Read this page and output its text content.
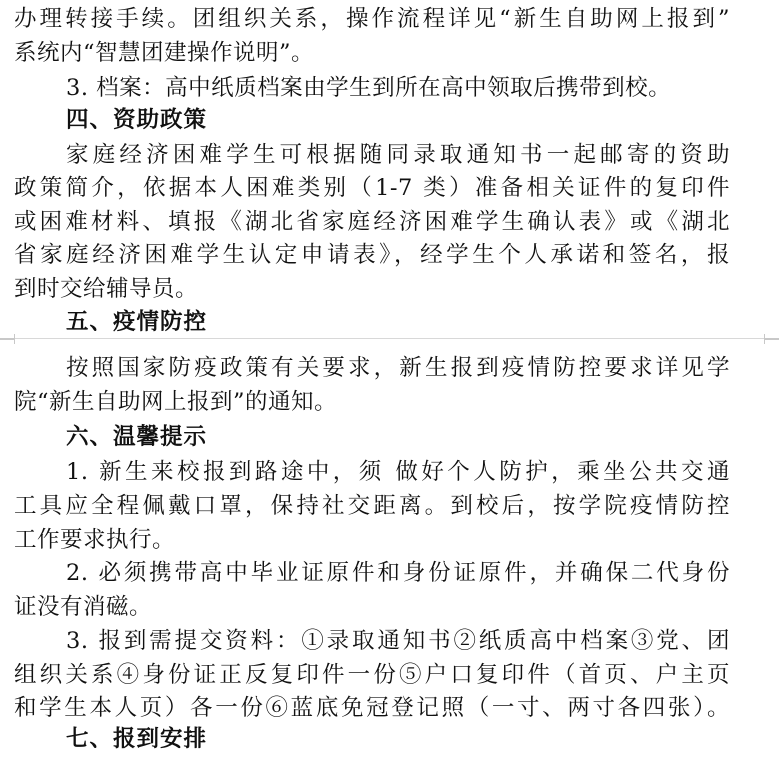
办理转接手续。团组织关系，操作流程详见“新生自助网上报到”
系统内“智慧团建操作说明”。
3. 档案：高中纸质档案由学生到所在高中领取后携带到校。
四、资助政策
家庭经济困难学生可根据随同录取通知书一起邮寄的资助
政策简介，依据本人困难类别（1-7 类）准备相关证件的复印件
或困难材料、填报《湖北省家庭经济困难学生确认表》或《湖北
省家庭经济困难学生认定申请表》，经学生个人承诺和签名，报
到时交给辅导员。
五、疫情防控
按照国家防疫政策有关要求，新生报到疫情防控要求详见学
院“新生自助网上报到”的通知。
六、温馨提示
1. 新生来校报到路途中，须 做好个人防护，乘坐公共交通
工具应全程佩戴口罩，保持社交距离。到校后，按学院疫情防控
工作要求执行。
2. 必须携带高中毕业证原件和身份证原件，并确保二代身份
证没有消磁。
3. 报到需提交资料：①录取通知书②纸质高中档案③党、团
组织关系④身份证正反复印件一份⑤户口复印件（首页、户主页
和学生本人页）各一份⑥蓝底免冠登记照（一寸、两寸各四张）。
七、报到安排
